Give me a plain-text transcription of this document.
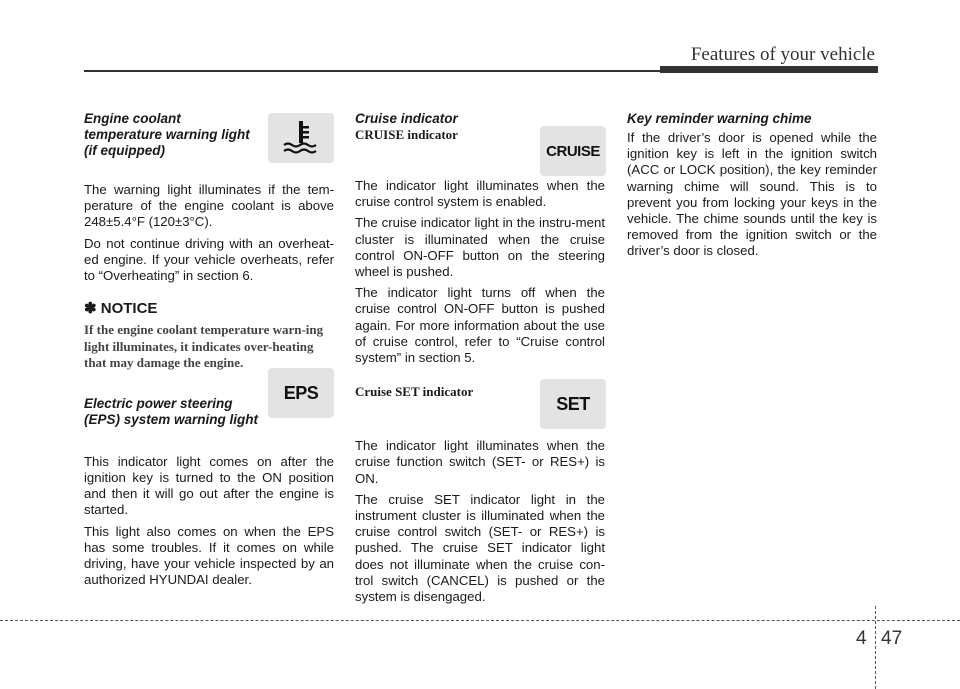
Features of your vehicle

Engine coolant
temperature warning light
(if equipped)

The warning light illuminates if the tem-perature of the engine coolant is above 248±5.4°F (120±3°C).

Do not continue driving with an overheat-ed engine. If your vehicle overheats, refer to “Overheating” in section 6.

✽ NOTICE

If the engine coolant temperature warn-ing light illuminates, it indicates over-heating that may damage the engine.

Electric power steering
(EPS) system warning light

This indicator light comes on after the ignition key is turned to the ON position and then it will go out after the engine is started.

This light also comes on when the EPS has some troubles. If it comes on while driving, have your vehicle inspected by an authorized HYUNDAI dealer.

EPS

Cruise indicator

CRUISE indicator

The indicator light illuminates when the cruise control system is enabled.

The cruise indicator light in the instru-ment cluster is illuminated when the cruise control ON-OFF button on the steering wheel is pushed.

The indicator light turns off when the cruise control ON-OFF button is pushed again. For more information about the use of cruise control, refer to “Cruise control system” in section 5.

Cruise SET indicator

The indicator light illuminates when the cruise function switch (SET- or RES+) is ON.

The cruise SET indicator light in the instrument cluster is illuminated when the cruise control switch (SET- or RES+) is pushed. The cruise SET indicator light does not illuminate when the cruise con-trol switch (CANCEL) is pushed or the system is disengaged.

CRUISE
SET

Key reminder warning chime

If the driver’s door is opened while the ignition key is left in the ignition switch (ACC or LOCK position), the key reminder warning chime will sound. This is to prevent you from locking your keys in the vehicle. The chime sounds until the key is removed from the ignition switch or the driver’s door is closed.

4 47
